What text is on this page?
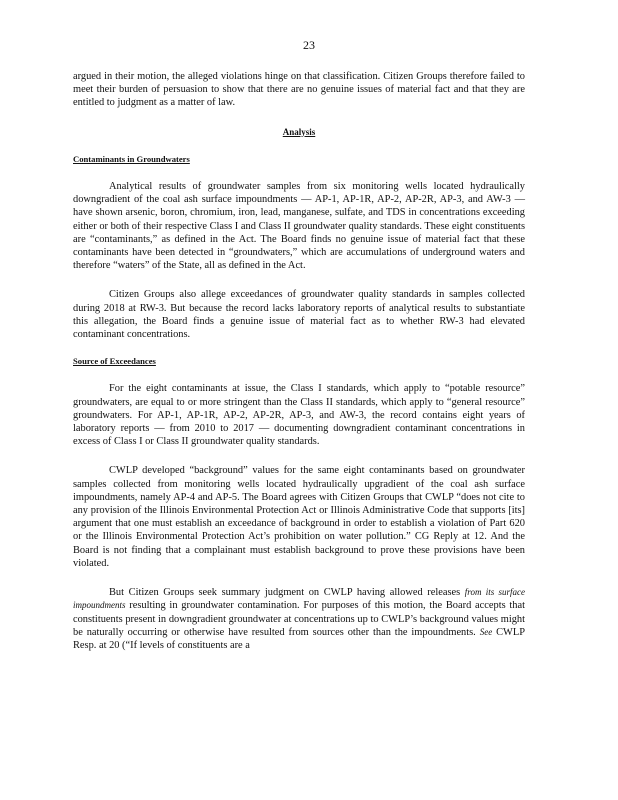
23

argued in their motion, the alleged violations hinge on that classification. Citizen Groups therefore failed to meet their burden of persuasion to show that there are no genuine issues of material fact and that they are entitled to judgment as a matter of law.

Analysis
Contaminants in Groundwaters

Analytical results of groundwater samples from six monitoring wells located hydraulically downgradient of the coal ash surface impoundments — AP-1, AP-1R, AP-2, AP-2R, AP-3, and AW-3 — have shown arsenic, boron, chromium, iron, lead, manganese, sulfate, and TDS in concentrations exceeding either or both of their respective Class I and Class II groundwater quality standards. These eight constituents are “contaminants,” as defined in the Act. The Board finds no genuine issue of material fact that these contaminants have been detected in “groundwaters,” which are accumulations of underground waters and therefore “waters” of the State, all as defined in the Act.

Citizen Groups also allege exceedances of groundwater quality standards in samples collected during 2018 at RW-3. But because the record lacks laboratory reports of analytical results to substantiate this allegation, the Board finds a genuine issue of material fact as to whether RW-3 had elevated contaminant concentrations.

Source of Exceedances

For the eight contaminants at issue, the Class I standards, which apply to “potable resource” groundwaters, are equal to or more stringent than the Class II standards, which apply to “general resource” groundwaters. For AP-1, AP-1R, AP-2, AP-2R, AP-3, and AW-3, the record contains eight years of laboratory reports — from 2010 to 2017 — documenting downgradient contaminant concentrations in excess of Class I or Class II groundwater quality standards.

CWLP developed “background” values for the same eight contaminants based on groundwater samples collected from monitoring wells located hydraulically upgradient of the coal ash surface impoundments, namely AP-4 and AP-5. The Board agrees with Citizen Groups that CWLP “does not cite to any provision of the Illinois Environmental Protection Act or Illinois Administrative Code that supports [its] argument that one must establish an exceedance of background in order to establish a violation of Part 620 or the Illinois Environmental Protection Act’s prohibition on water pollution.” CG Reply at 12. And the Board is not finding that a complainant must establish background to prove these provisions have been violated.

But Citizen Groups seek summary judgment on CWLP having allowed releases from its surface impoundments resulting in groundwater contamination. For purposes of this motion, the Board accepts that constituents present in downgradient groundwater at concentrations up to CWLP’s background values might be naturally occurring or otherwise have resulted from sources other than the impoundments. See CWLP Resp. at 20 (“If levels of constituents are a
